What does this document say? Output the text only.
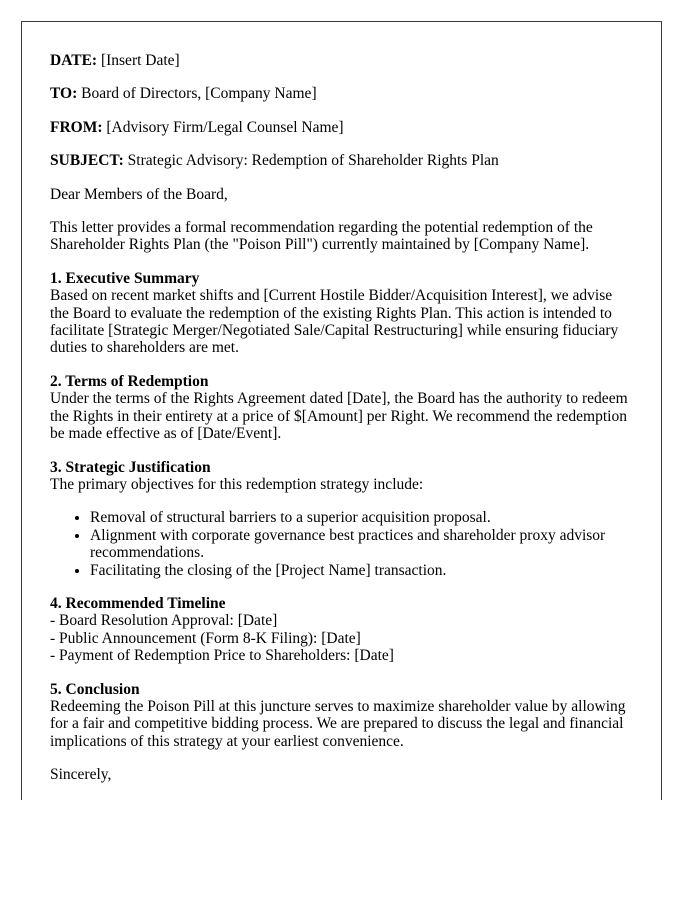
DATE: [Insert Date]

TO: Board of Directors, [Company Name]

FROM: [Advisory Firm/Legal Counsel Name]

SUBJECT: Strategic Advisory: Redemption of Shareholder Rights Plan

Dear Members of the Board,

This letter provides a formal recommendation regarding the potential redemption of the Shareholder Rights Plan (the "Poison Pill") currently maintained by [Company Name].

1. Executive Summary
Based on recent market shifts and [Current Hostile Bidder/Acquisition Interest], we advise the Board to evaluate the redemption of the existing Rights Plan. This action is intended to facilitate [Strategic Merger/Negotiated Sale/Capital Restructuring] while ensuring fiduciary duties to shareholders are met.

2. Terms of Redemption
Under the terms of the Rights Agreement dated [Date], the Board has the authority to redeem the Rights in their entirety at a price of $[Amount] per Right. We recommend the redemption be made effective as of [Date/Event].

3. Strategic Justification
The primary objectives for this redemption strategy include:

• Removal of structural barriers to a superior acquisition proposal.
• Alignment with corporate governance best practices and shareholder proxy advisor recommendations.
• Facilitating the closing of the [Project Name] transaction.

4. Recommended Timeline
- Board Resolution Approval: [Date]
- Public Announcement (Form 8-K Filing): [Date]
- Payment of Redemption Price to Shareholders: [Date]

5. Conclusion
Redeeming the Poison Pill at this juncture serves to maximize shareholder value by allowing for a fair and competitive bidding process. We are prepared to discuss the legal and financial implications of this strategy at your earliest convenience.

Sincerely,
